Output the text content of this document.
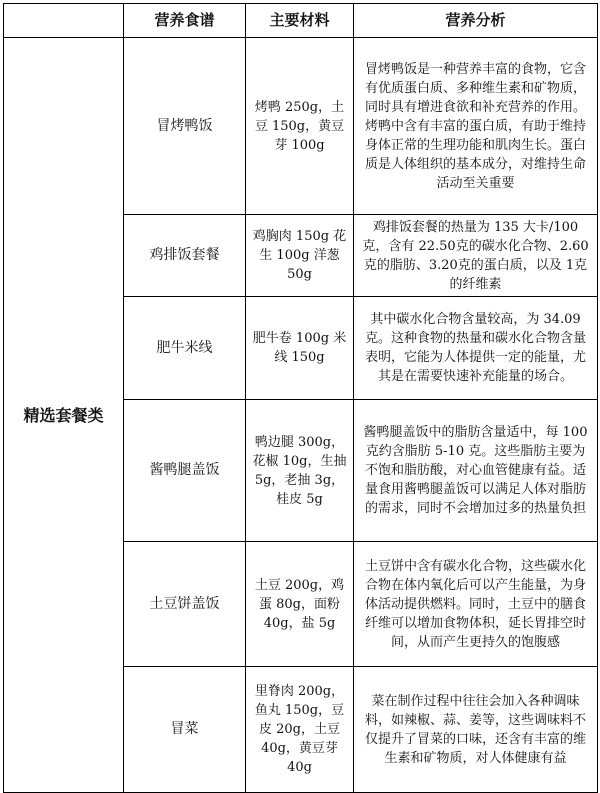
	营养食谱	主要材料	营养分析
精选套餐类	冒烤鸭饭	烤鸭 250g，土豆 150g，黄豆芽 100g	冒烤鸭饭是一种营养丰富的食物，它含有优质蛋白质、多种维生素和矿物质，同时具有增进食欲和补充营养的作用。烤鸭中含有丰富的蛋白质，有助于维持身体正常的生理功能和肌肉生长。蛋白质是人体组织的基本成分，对维持生命活动至关重要
	鸡排饭套餐	鸡胸肉 150g 花生 100g 洋葱 50g	鸡排饭套餐的热量为 135 大卡/100克，含有 22.50克的碳水化合物、2.60克的脂肪、3.20克的蛋白质，以及 1克的纤维素
	肥牛米线	肥牛卷 100g 米线 150g	其中碳水化合物含量较高，为 34.09克。这种食物的热量和碳水化合物含量表明，它能为人体提供一定的能量，尤其是在需要快速补充能量的场合。
	酱鸭腿盖饭	鸭边腿 300g，花椒 10g，生抽 5g，老抽 3g，桂皮 5g	酱鸭腿盖饭中的脂肪含量适中，每 100 克约含脂肪 5-10 克。这些脂肪主要为不饱和脂肪酸，对心血管健康有益。适量食用酱鸭腿盖饭可以满足人体对脂肪的需求，同时不会增加过多的热量负担
	土豆饼盖饭	土豆 200g，鸡蛋 80g，面粉 40g，盐 5g	土豆饼中含有碳水化合物，这些碳水化合物在体内氧化后可以产生能量，为身体活动提供燃料。同时，土豆中的膳食纤维可以增加食物体积，延长胃排空时间，从而产生更持久的饱腹感
	冒菜	里脊肉 200g，鱼丸 150g，豆皮 20g，土豆 40g，黄豆芽 40g	菜在制作过程中往往会加入各种调味料，如辣椒、蒜、姜等，这些调味料不仅提升了冒菜的口味，还含有丰富的维生素和矿物质，对人体健康有益
